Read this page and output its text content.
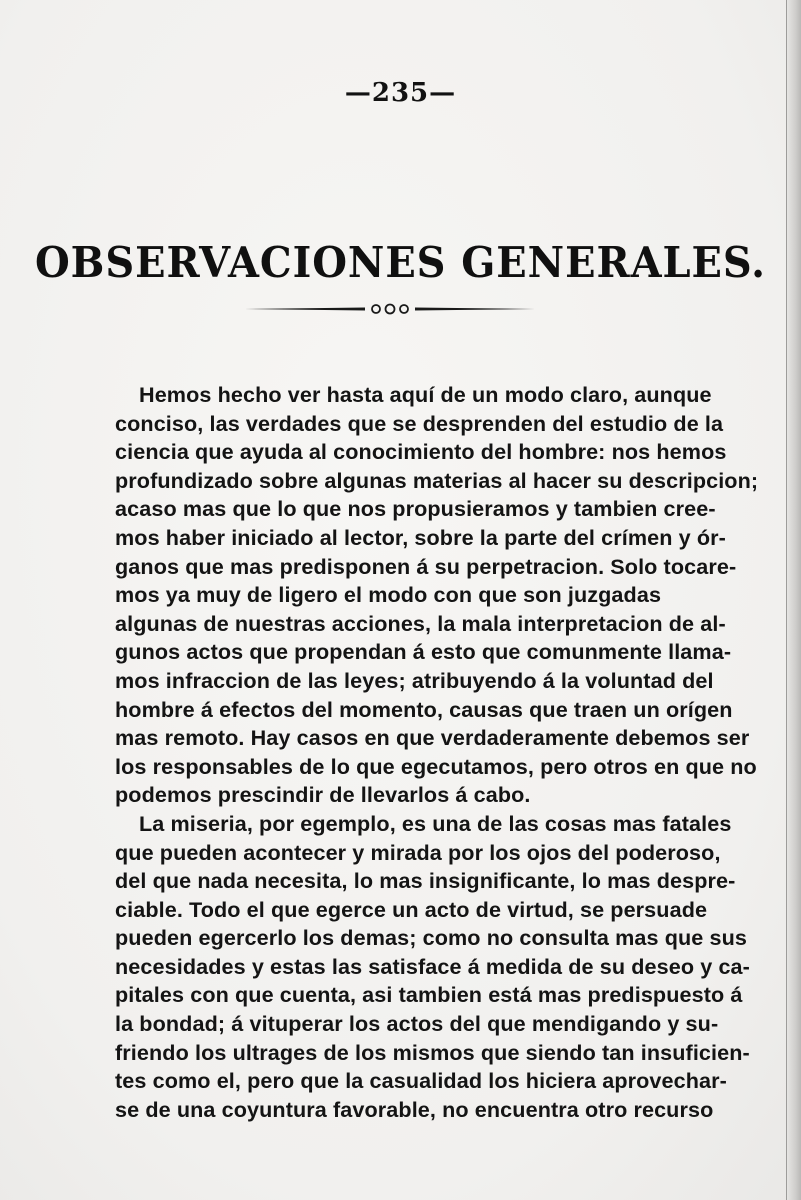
—235—
OBSERVACIONES GENERALES.
Hemos hecho ver hasta aquí de un modo claro, aunque
conciso, las verdades que se desprenden del estudio de la
ciencia que ayuda al conocimiento del hombre: nos hemos
profundizado sobre algunas materias al hacer su descripcion;
acaso mas que lo que nos propusieramos y tambien cree-
mos haber iniciado al lector, sobre la parte del crímen y ór-
ganos que mas predisponen á su perpetracion. Solo tocare-
mos ya muy de ligero el modo con que son juzgadas
algunas de nuestras acciones, la mala interpretacion de al-
gunos actos que propendan á esto que comunmente llama-
mos infraccion de las leyes; atribuyendo á la voluntad del
hombre á efectos del momento, causas que traen un orígen
mas remoto. Hay casos en que verdaderamente debemos ser
los responsables de lo que egecutamos, pero otros en que no
podemos prescindir de llevarlos á cabo.
La miseria, por egemplo, es una de las cosas mas fatales
que pueden acontecer y mirada por los ojos del poderoso,
del que nada necesita, lo mas insignificante, lo mas despre-
ciable. Todo el que egerce un acto de virtud, se persuade
pueden egercerlo los demas; como no consulta mas que sus
necesidades y estas las satisface á medida de su deseo y ca-
pitales con que cuenta, asi tambien está mas predispuesto á
la bondad; á vituperar los actos del que mendigando y su-
friendo los ultrages de los mismos que siendo tan insuficien-
tes como el, pero que la casualidad los hiciera aprovechar-
se de una coyuntura favorable, no encuentra otro recurso
